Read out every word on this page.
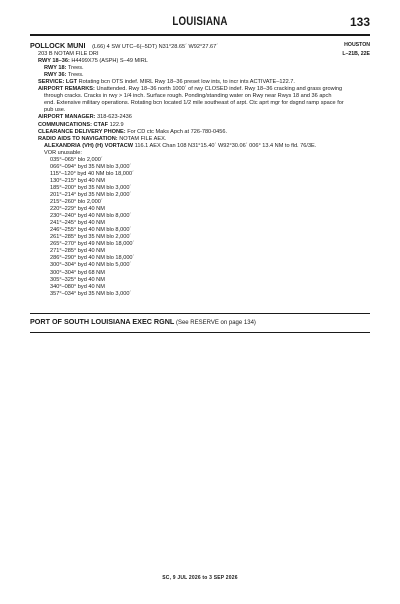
LOUISIANA	133
POLLOCK MUNI (L66) 4 SW UTC–6(–5DT) N31°28.65´ W92°27.67´	HOUSTON
203 B NOTAM FILE DRI	L–21B, 22E
RWY 18–36: H4499X75 (ASPH) S–49 MIRL
RWY 18: Trees.
RWY 36: Trees.
SERVICE: LGT Rotating bcn OTS indef. MIRL Rwy 18–36 preset low ints, to incr ints ACTIVATE–122.7.
AIRPORT REMARKS: Unattended. Rwy 18–36 north 1000´ of rwy CLOSED indef. Rwy 18–36 cracking and grass growing
through cracks. Cracks in rwy > 1/4 inch. Surface rough. Ponding/standing water on Rwy near Rwys 18 and 36 apch
end. Extensive military operations. Rotating bcn located 1/2 mile southeast of arpt. Ctc aprt mgr for dsgnd ramp space for
pub use.
AIRPORT MANAGER: 318-623-2436
COMMUNICATIONS: CTAF 122.9
CLEARANCE DELIVERY PHONE: For CD ctc Maks Apch at 726-780-0456.
RADIO AIDS TO NAVIGATION: NOTAM FILE AEX.
ALEXANDRIA (VH) (H) VORTACW 116.1 AEX Chan 108 N31°15.40´ W92°30.06´ 006° 13.4 NM to fld. 76/3E.
VOR unusable:
035°–065° blo 2,000´
066°–094° byd 35 NM blo 3,000´
115°–120° byd 40 NM blo 18,000´
130°–215° byd 40 NM
185°–200° byd 35 NM blo 3,000´
201°–214° byd 35 NM blo 2,000´
215°–260° blo 2,000´
220°–229° byd 40 NM
230°–240° byd 40 NM blo 8,000´
241°–245° byd 40 NM
246°–255° byd 40 NM blo 8,000´
261°–285° byd 35 NM blo 2,000´
265°–270° byd 49 NM blo 18,000´
271°–285° byd 40 NM
286°–290° byd 40 NM blo 18,000´
300°–304° byd 40 NM blo 5,000´
300°–304° byd 68 NM
305°–325° byd 40 NM
340°–080° byd 40 NM
357°–034° byd 35 NM blo 3,000´
PORT OF SOUTH LOUISIANA EXEC RGNL (See RESERVE on page 134)
SC, 9 JUL 2026 to 3 SEP 2026
